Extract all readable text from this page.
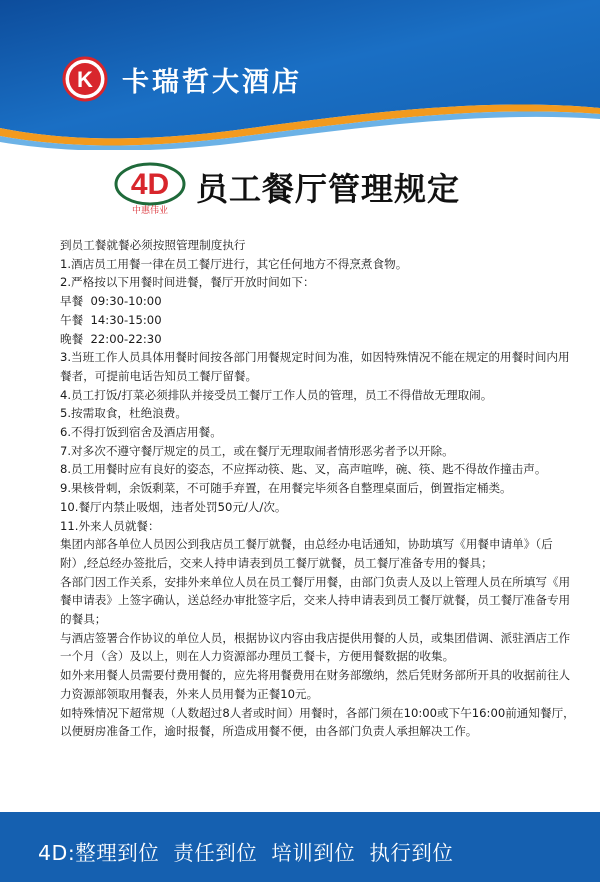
K 卡瑞哲大酒店
4D
中惠伟业
员工餐厅管理规定

到员工餐就餐必须按照管理制度执行

1.酒店员工用餐一律在员工餐厅进行，其它任何地方不得烹煮食物。

2.严格按以下用餐时间进餐，餐厅开放时间如下：

早餐  09:30-10:00

午餐  14:30-15:00

晚餐  22:00-22:30

3.当班工作人员具体用餐时间按各部门用餐规定时间为准，如因特殊情况不能在规定的用餐时间内用餐者，可提前电话告知员工餐厅留餐。

4.员工打饭/打菜必须排队并接受员工餐厅工作人员的管理，员工不得借故无理取闹。

5.按需取食，杜绝浪费。

6.不得打饭到宿舍及酒店用餐。

7.对多次不遵守餐厅规定的员工，或在餐厅无理取闹者情形恶劣者予以开除。

8.员工用餐时应有良好的姿态，不应挥动筷、匙、叉，高声喧哗，碗、筷、匙不得故作撞击声。

9.果核骨刺，余饭剩菜，不可随手弃置，在用餐完毕须各自整理桌面后，倒置指定桶类。

10.餐厅内禁止吸烟，违者处罚50元/人/次。

11.外来人员就餐：

集团内部各单位人员因公到我店员工餐厅就餐，由总经办电话通知，协助填写《用餐申请单》（后附）,经总经办签批后，交来人持申请表到员工餐厅就餐，员工餐厅准备专用的餐具；

各部门因工作关系，安排外来单位人员在员工餐厅用餐，由部门负责人及以上管理人员在所填写《用餐申请表》上签字确认，送总经办审批签字后，交来人持申请表到员工餐厅就餐，员工餐厅准备专用的餐具；

与酒店签署合作协议的单位人员，根据协议内容由我店提供用餐的人员，或集团借调、派驻酒店工作一个月（含）及以上，则在人力资源部办理员工餐卡，方便用餐数据的收集。

如外来用餐人员需要付费用餐的，应先将用餐费用在财务部缴纳，然后凭财务部所开具的收据前往人力资源部领取用餐表，外来人员用餐为正餐10元。

如特殊情况下超常规（人数超过8人者或时间）用餐时，各部门须在10:00或下午16:00前通知餐厅，以便厨房准备工作，逾时报餐，所造成用餐不便，由各部门负责人承担解决工作。

4D:整理到位  责任到位  培训到位  执行到位
